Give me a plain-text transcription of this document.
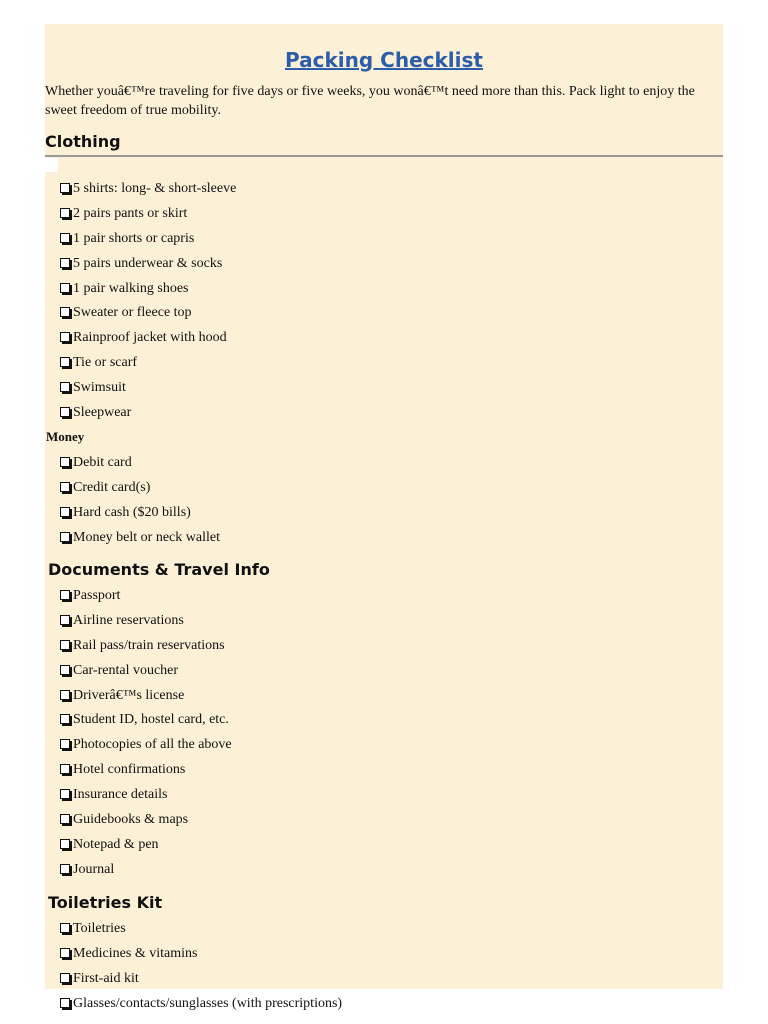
Packing Checklist

Whether youâ€™re traveling for five days or five weeks, you wonâ€™t need more than this. Pack light to enjoy the sweet freedom of true mobility.

Clothing
5 shirts: long- & short-sleeve
2 pairs pants or skirt
1 pair shorts or capris
5 pairs underwear & socks
1 pair walking shoes
Sweater or fleece top
Rainproof jacket with hood
Tie or scarf
Swimsuit
Sleepwear
Money
Debit card
Credit card(s)
Hard cash ($20 bills)
Money belt or neck wallet
Documents & Travel Info
Passport
Airline reservations
Rail pass/train reservations
Car-rental voucher
Driverâ€™s license
Student ID, hostel card, etc.
Photocopies of all the above
Hotel confirmations
Insurance details
Guidebooks & maps
Notepad & pen
Journal
Toiletries Kit
Toiletries
Medicines & vitamins
First-aid kit
Glasses/contacts/sunglasses (with prescriptions)
